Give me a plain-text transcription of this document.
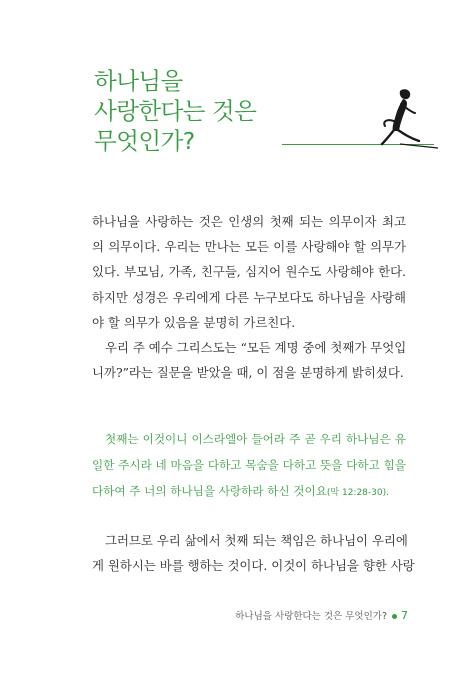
하나님을
사랑한다는 것은
무엇인가?

하나님을 사랑하는 것은 인생의 첫째 되는 의무이자 최고
의 의무이다. 우리는 만나는 모든 이를 사랑해야 할 의무가
있다. 부모님, 가족, 친구들, 심지어 원수도 사랑해야 한다.
하지만 성경은 우리에게 다른 누구보다도 하나님을 사랑해
야 할 의무가 있음을 분명히 가르친다.

우리 주 예수 그리스도는 “모든 계명 중에 첫째가 무엇입
니까?”라는 질문을 받았을 때, 이 점을 분명하게 밝히셨다.

첫째는 이것이니 이스라엘아 들어라 주 곧 우리 하나님은 유
일한 주시라 네 마음을 다하고 목숨을 다하고 뜻을 다하고 힘을
다하여 주 너의 하나님을 사랑하라 하신 것이요(막 12:28-30).
그러므로 우리 삶에서 첫째 되는 책임은 하나님이 우리에
게 원하시는 바를 행하는 것이다. 이것이 하나님을 향한 사랑
하나님을 사랑한다는 것은 무엇인가? 7
